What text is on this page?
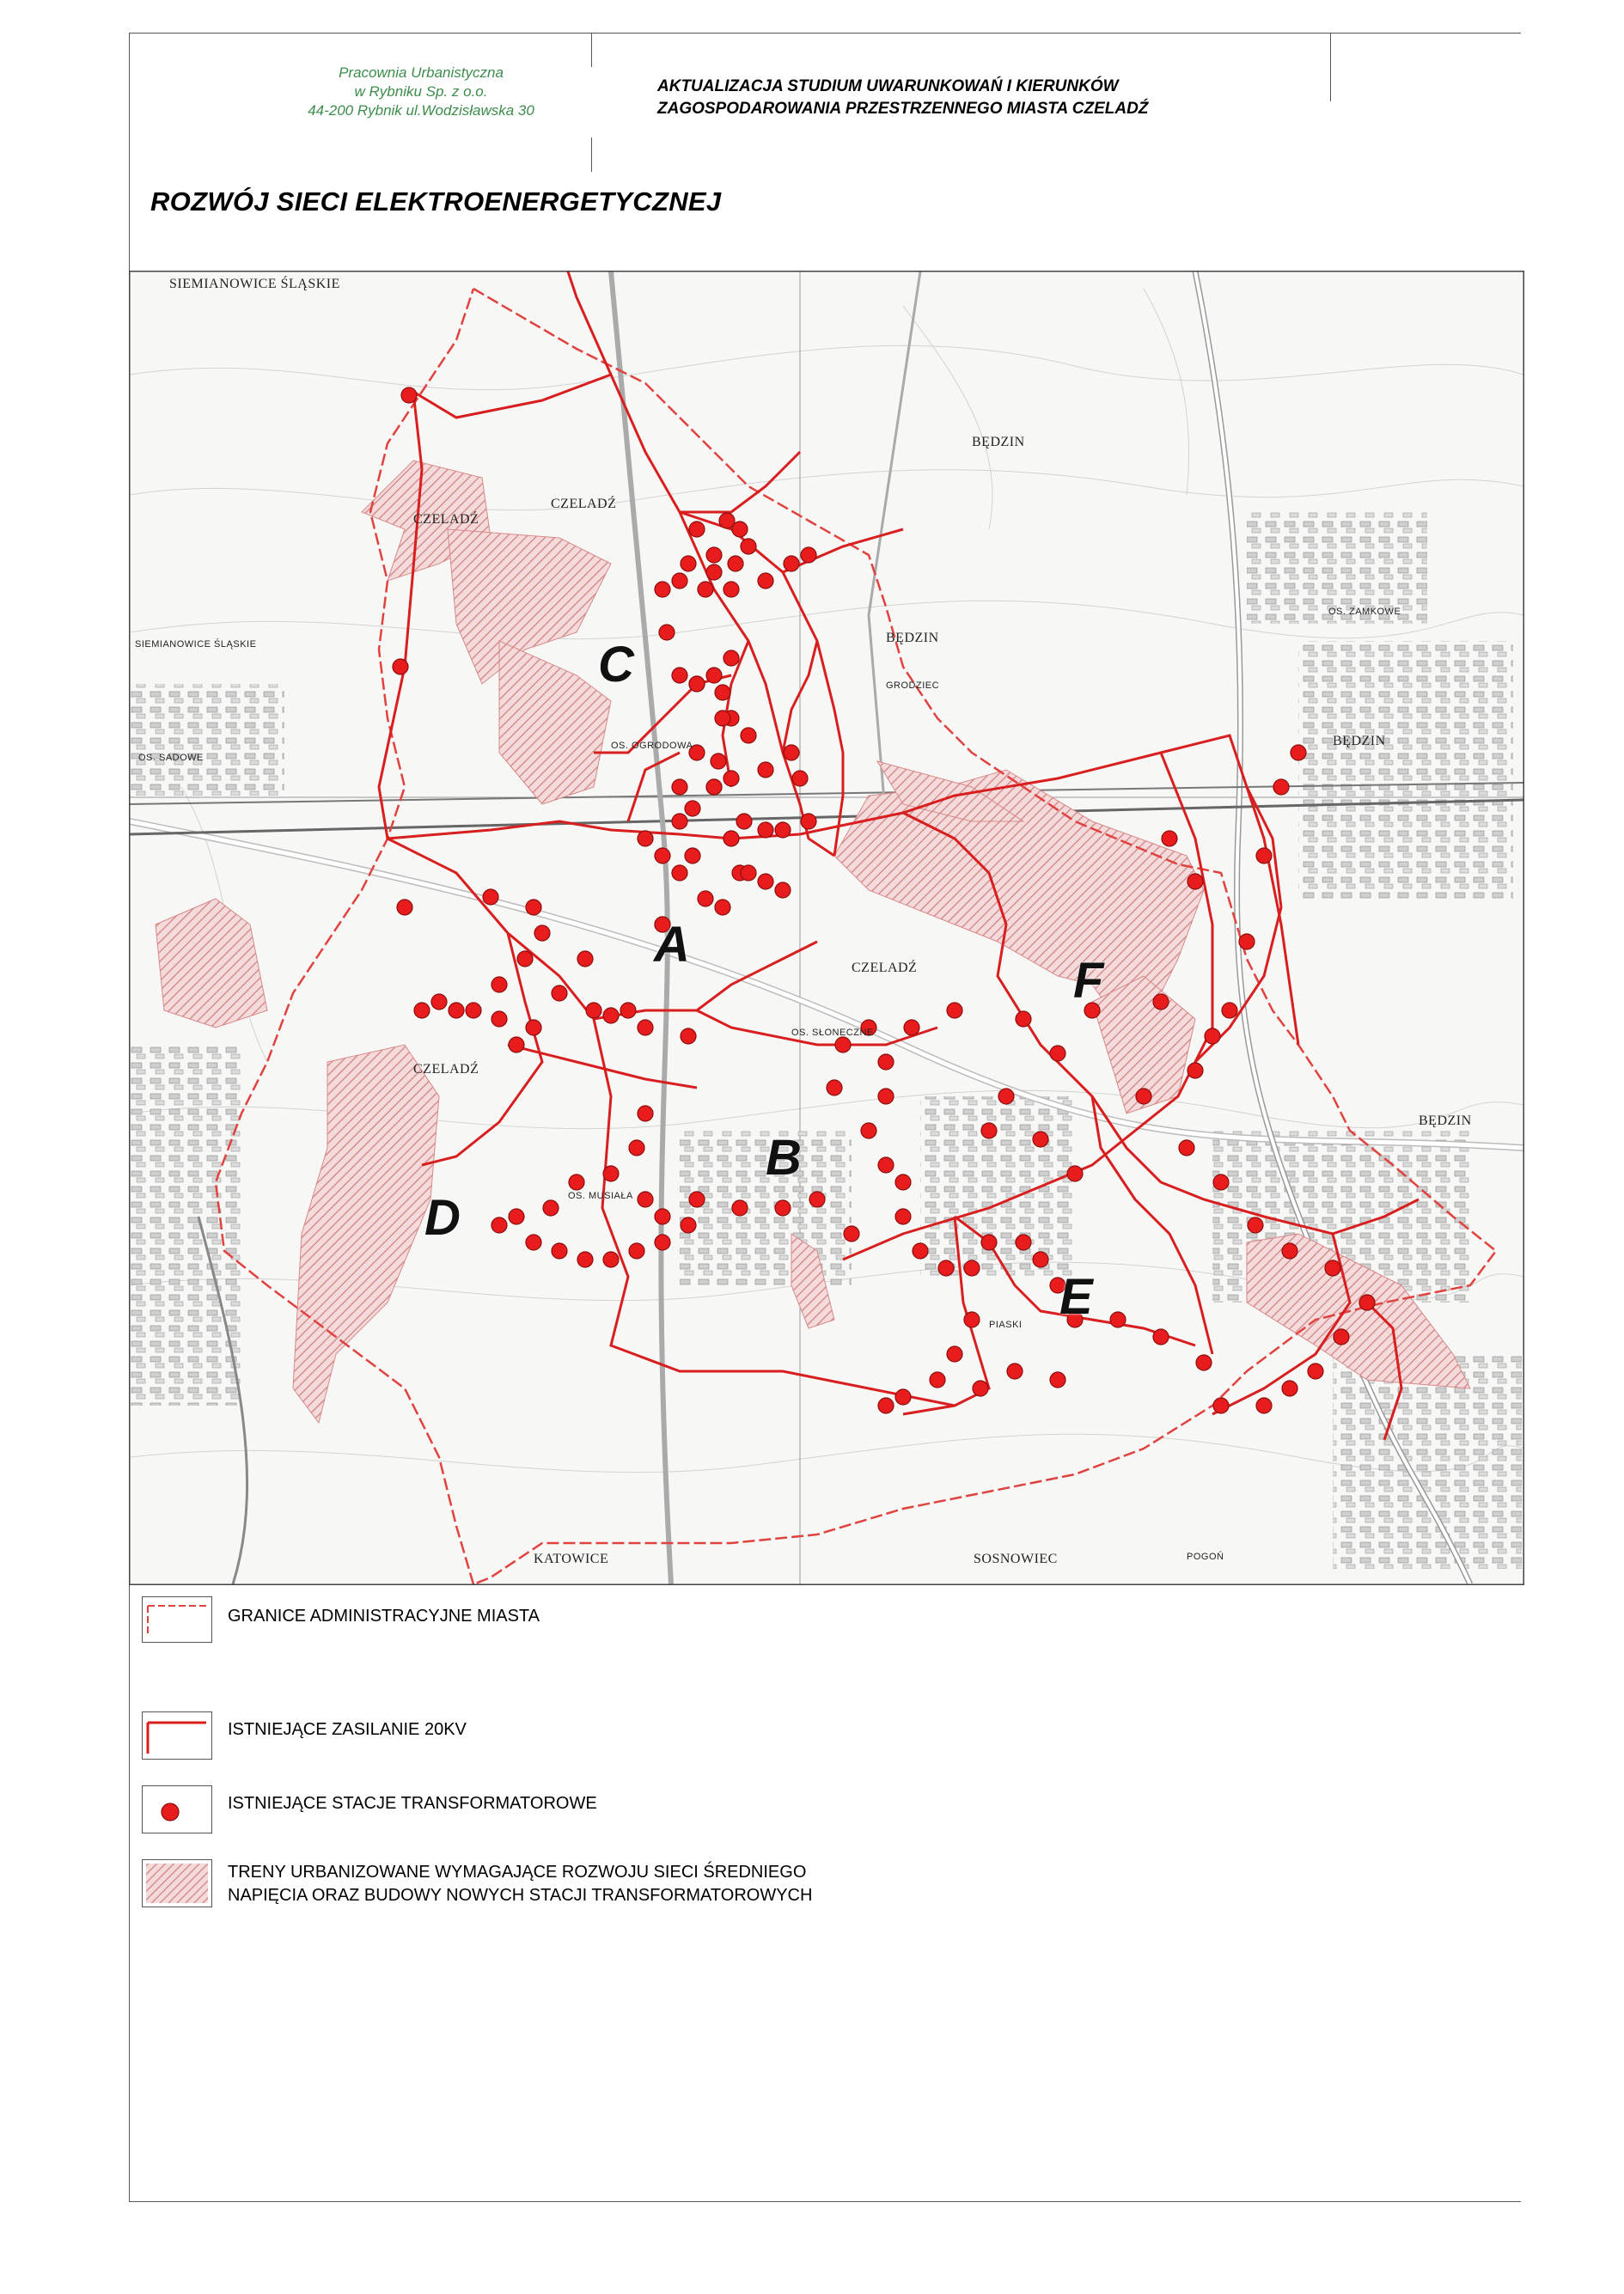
Pracownia Urbanistyczna
w Rybniku Sp. z o.o.
44-200 Rybnik ul.Wodzisławska 30
AKTUALIZACJA STUDIUM UWARUNKOWAŃ I KIERUNKÓW
ZAGOSPODAROWANIA PRZESTRZENNEGO MIASTA CZELADŹ
ROZWÓJ SIECI ELEKTROENERGETYCZNEJ
SIEMIANOWICE ŚLĄSKIE
CZELADŹ
CZELADŹ
BĘDZIN
BĘDZIN
SIEMIANOWICE ŚLĄSKIE
CZELADŹ
CZELADŹ
BĘDZIN
BĘDZIN
KATOWICE	SOSNOWIEC
OS. OGRODOWA
OS. MUSIAŁA
OS. ZAMKOWE
OS. SADOWE
GRODZIEC
PIASKI
POGOŃ
OS. SŁONECZNE
A
B
C
D
E
F
GRANICE ADMINISTRACYJNE MIASTA
ISTNIEJĄCE ZASILANIE 20KV
ISTNIEJĄCE STACJE TRANSFORMATOROWE
TRENY URBANIZOWANE WYMAGAJĄCE ROZWOJU SIECI ŚREDNIEGO
NAPIĘCIA ORAZ BUDOWY NOWYCH STACJI TRANSFORMATOROWYCH
